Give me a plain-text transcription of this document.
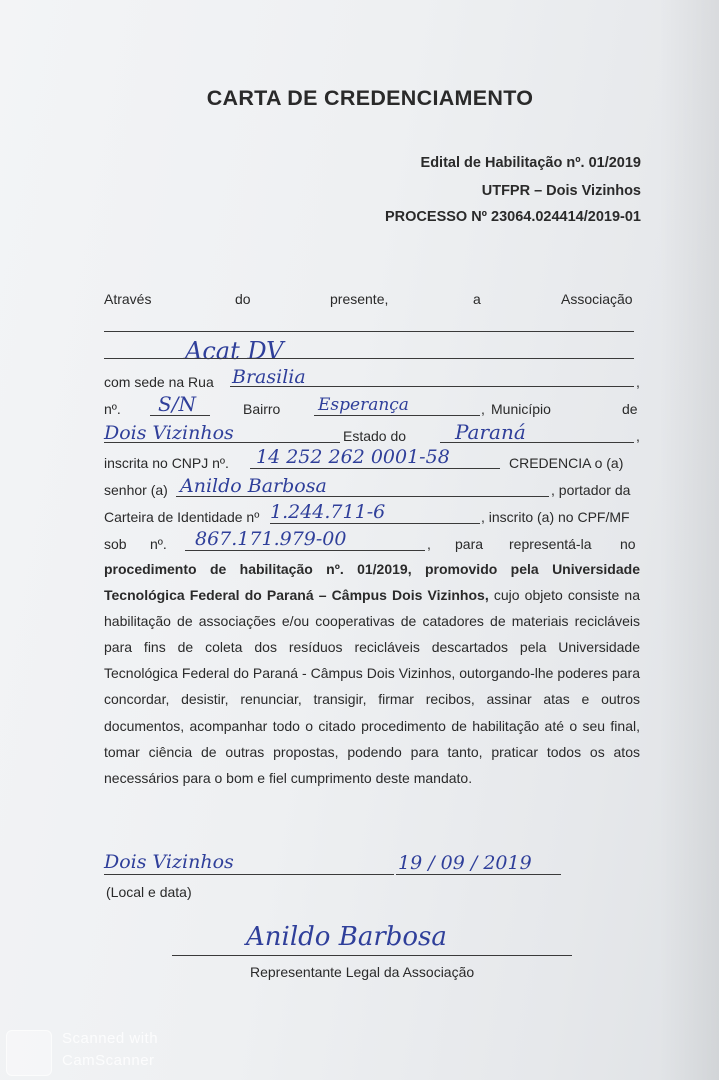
CARTA DE CREDENCIAMENTO
Edital de Habilitação nº. 01/2019
UTFPR – Dois Vizinhos
PROCESSO Nº 23064.024414/2019-01
Através	do	presente,	a	Associação
Acat DV
com sede na Rua Brasilia	,
nº. S/N	Bairro Esperança	, Município	de
Dois Vizinhos	Estado do Paraná	,
inscrita no CNPJ nº. 14 252 262 0001-58	CREDENCIA o (a)
senhor (a) Anildo Barbosa	, portador da
Carteira de Identidade nº 1.244.711-6	, inscrito (a) no CPF/MF
sob nº. 867.171.979-00	, para representá-la no
procedimento de habilitação nº. 01/2019, promovido pela Universidade Tecnológica Federal do Paraná – Câmpus Dois Vizinhos, cujo objeto consiste na habilitação de associações e/ou cooperativas de catadores de materiais recicláveis para fins de coleta dos resíduos recicláveis descartados pela Universidade Tecnológica Federal do Paraná - Câmpus Dois Vizinhos, outorgando-lhe poderes para concordar, desistir, renunciar, transigir, firmar recibos, assinar atas e outros documentos, acompanhar todo o citado procedimento de habilitação até o seu final, tomar ciência de outras propostas, podendo para tanto, praticar todos os atos necessários para o bom e fiel cumprimento deste mandato.
Dois Vizinhos	19 / 09 / 2019
(Local e data)
Anildo Barbosa
Representante Legal da Associação
Scanned with
CamScanner
